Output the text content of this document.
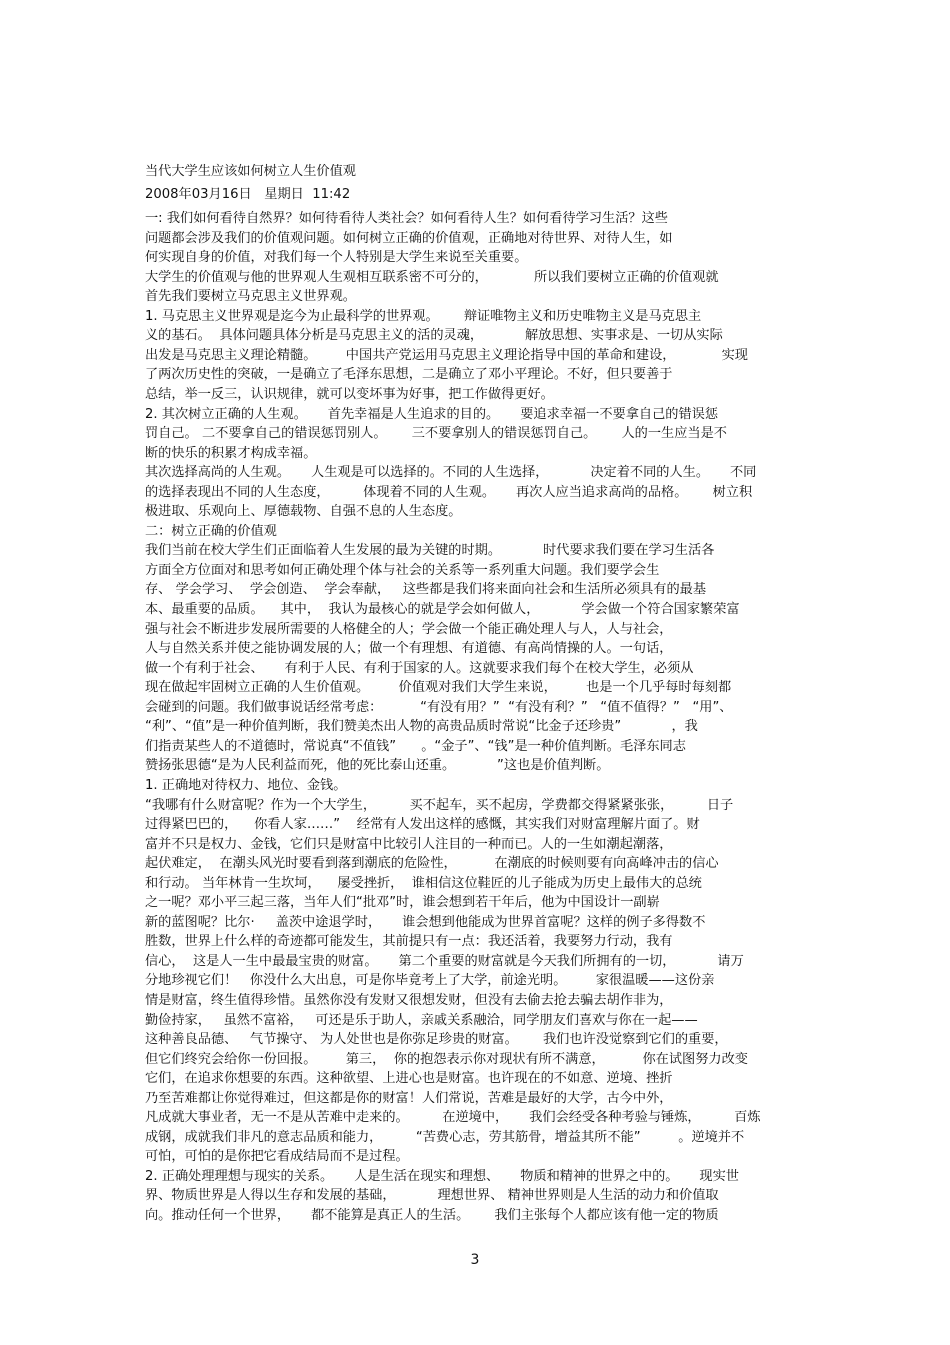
当代大学生应该如何树立人生价值观
2008年03月16日   星期日  11:42
一: 我们如何看待自然界？如何待看待人类社会？如何看待人生？如何看待学习生活？这些
问题都会涉及我们的价值观问题。如何树立正确的价值观，正确地对待世界、对待人生，如
何实现自身的价值，对我们每一个人特别是大学生来说至关重要。
大学生的价值观与他的世界观人生观相互联系密不可分的，           所以我们要树立正确的价值观就
首先我们要树立马克思主义世界观。
1. 马克思主义世界观是迄今为止最科学的世界观。      辩证唯物主义和历史唯物主义是马克思主
义的基石。  具体问题具体分析是马克思主义的活的灵魂，          解放思想、实事求是、一切从实际
出发是马克思主义理论精髓。       中国共产党运用马克思主义理论指导中国的革命和建设，           实现
了两次历史性的突破，一是确立了毛泽东思想，二是确立了邓小平理论。不好，但只要善于
总结，举一反三，认识规律，就可以变坏事为好事，把工作做得更好。
2. 其次树立正确的人生观。     首先幸福是人生追求的目的。     要追求幸福一不要拿自己的错误惩
罚自己。 二不要拿自己的错误惩罚别人。      三不要拿别人的错误惩罚自己。      人的一生应当是不
断的快乐的积累才构成幸福。
其次选择高尚的人生观。     人生观是可以选择的。不同的人生选择，          决定着不同的人生。     不同
的选择表现出不同的人生态度，        体现着不同的人生观。     再次人应当追求高尚的品格。      树立积
极进取、乐观向上、厚德载物、自强不息的人生态度。
二：树立正确的价值观
我们当前在校大学生们正面临着人生发展的最为关键的时期。          时代要求我们要在学习生活各
方面全方位面对和思考如何正确处理个体与社会的关系等一系列重大问题。我们要学会生
存、 学会学习、  学会创造、  学会奉献，   这些都是我们将来面向社会和生活所必须具有的最基
本、最重要的品质。    其中，  我认为最核心的就是学会如何做人，          学会做一个符合国家繁荣富
强与社会不断进步发展所需要的人格健全的人；学会做一个能正确处理人与人，人与社会，
人与自然关系并使之能协调发展的人；做一个有理想、有道德、有高尚情操的人。一句话，
做一个有利于社会、     有利于人民、有利于国家的人。这就要求我们每个在校大学生，必须从
现在做起牢固树立正确的人生价值观。       价值观对我们大学生来说，       也是一个几乎每时每刻都
会碰到的问题。我们做事说话经常考虑：         “有没有用？”  “有没有利？”   “值不值得？”   “用”、
“利”、“值”是一种价值判断，我们赞美杰出人物的高贵品质时常说“比金子还珍贵”            ，我
们指责某些人的不道德时，常说真“不值钱”      。“金子”、“钱”是一种价值判断。毛泽东同志
赞扬张思德“是为人民利益而死，他的死比泰山还重。          ”这也是价值判断。
1. 正确地对待权力、地位、金钱。
“我哪有什么财富呢？作为一个大学生，        买不起车，买不起房，学费都交得紧紧张张，        日子
过得紧巴巴的，    你看人家……”    经常有人发出这样的感慨，其实我们对财富理解片面了。财
富并不只是权力、金钱，它们只是财富中比较引人注目的一种而已。人的一生如潮起潮落，
起伏难定，  在潮头风光时要看到落到潮底的危险性，         在潮底的时候则要有向高峰冲击的信心
和行动。 当年林肯一生坎坷，    屡受挫折，  谁相信这位鞋匠的儿子能成为历史上最伟大的总统
之一呢？邓小平三起三落，当年人们“批邓”时，谁会想到若干年后，他为中国设计一副崭
新的蓝图呢？比尔·     盖茨中途退学时，     谁会想到他能成为世界首富呢？这样的例子多得数不
胜数，世界上什么样的奇迹都可能发生，其前提只有一点：我还活着，我要努力行动，我有
信心，  这是人一生中最最宝贵的财富。     第二个重要的财富就是今天我们所拥有的一切，          请万
分地珍视它们！   你没什么大出息，可是你毕竟考上了大学，前途光明。       家很温暖——这份亲
情是财富，终生值得珍惜。虽然你没有发财又很想发财，但没有去偷去抢去骗去胡作非为，
勤俭持家，   虽然不富裕，   可还是乐于助人，亲戚关系融洽，同学朋友们喜欢与你在一起——
这种善良品德、   气节操守、 为人处世也是你弥足珍贵的财富。      我们也许没觉察到它们的重要，
但它们终究会给你一份回报。       第三，  你的抱怨表示你对现状有所不满意，         你在试图努力改变
它们，在追求你想要的东西。这种欲望、上进心也是财富。也许现在的不如意、逆境、挫折
乃至苦难都让你觉得难过，但这都是你的财富！人们常说，苦难是最好的大学，古今中外，
凡成就大事业者，无一不是从苦难中走来的。        在逆境中，     我们会经受各种考验与锤炼，        百炼
成钢，成就我们非凡的意志品质和能力，        “苦费心志，劳其筋骨，增益其所不能”         。逆境并不
可怕，可怕的是你把它看成结局而不是过程。
2. 正确处理理想与现实的关系。     人是生活在现实和理想、     物质和精神的世界之中的。     现实世
界、物质世界是人得以生存和发展的基础，          理想世界、 精神世界则是人生活的动力和价值取
向。推动任何一个世界，     都不能算是真正人的生活。      我们主张每个人都应该有他一定的物质
3
